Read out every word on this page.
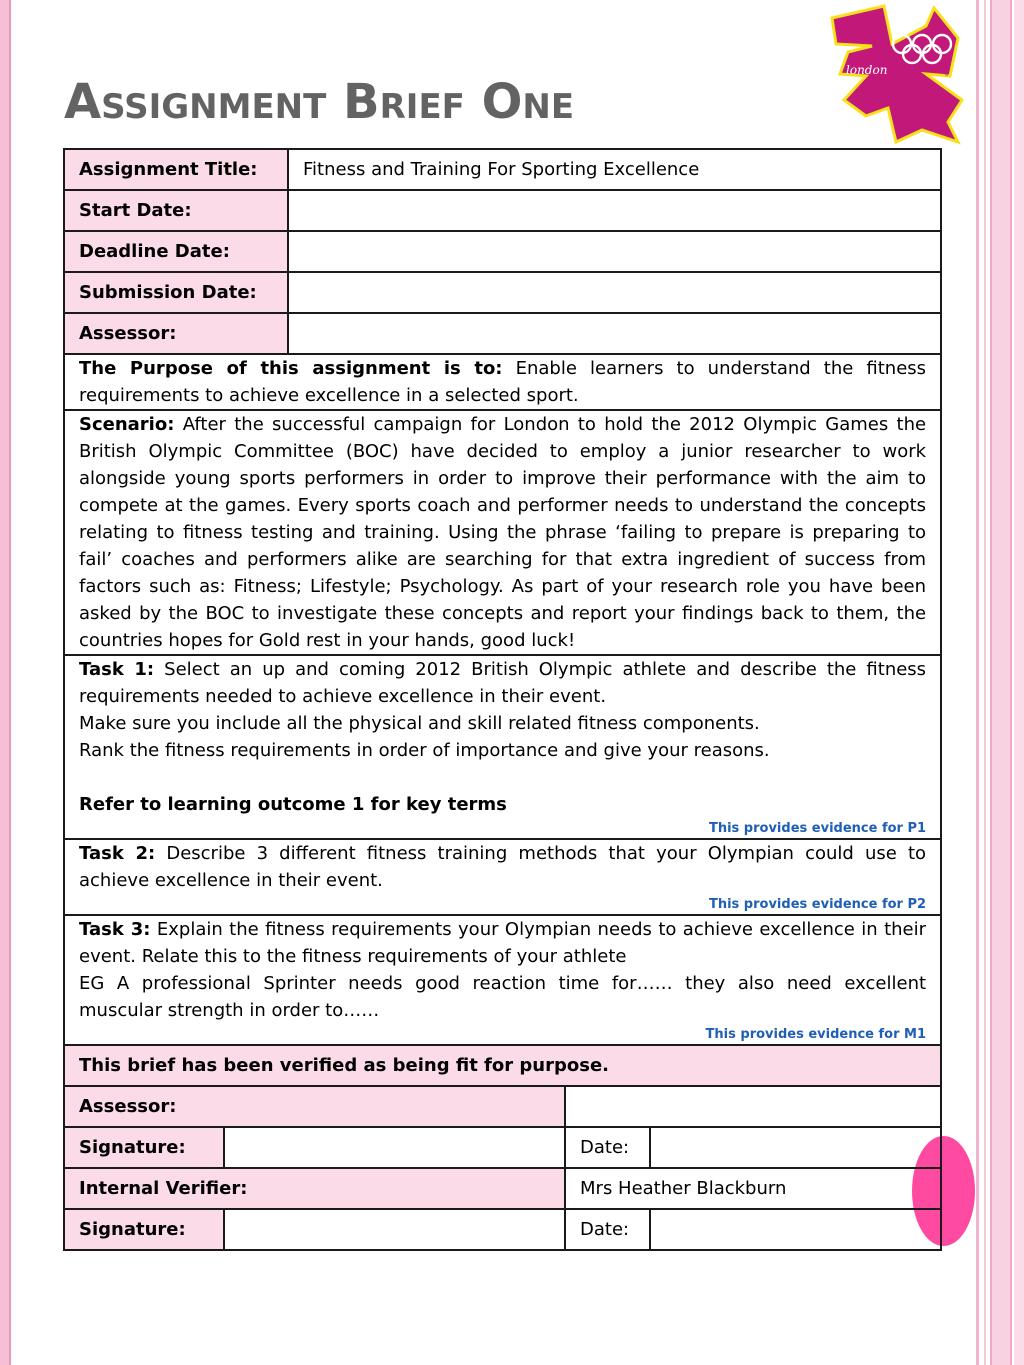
Assignment Brief One
london	™
Assignment Title:		Fitness and Training For Sporting Excellence		
Start Date:				
Deadline Date:				
Submission Date:				
Assessor:				
The Purpose of this assignment is to: Enable learners to understand the fitness requirements to achieve excellence in a selected sport.				
Scenario: After the successful campaign for London to hold the 2012 Olympic Games the British Olympic Committee (BOC) have decided to employ a junior researcher to work alongside young sports performers in order to improve their performance with the aim to compete at the games. Every sports coach and performer needs to understand the concepts relating to fitness testing and training. Using the phrase ‘failing to prepare is preparing to fail’ coaches and performers alike are searching for that extra ingredient of success from factors such as: Fitness; Lifestyle; Psychology. As part of your research role you have been asked by the BOC to investigate these concepts and report your findings back to them, the countries hopes for Gold rest in your hands, good luck!				

Task 1: Select an up and coming 2012 British Olympic athlete and describe the fitness requirements needed to achieve excellence in their event.
Make sure you include all the physical and skill related fitness components.
Rank the fitness requirements in order of importance and give your reasons.
Refer to learning outcome 1 for key terms
This provides evidence for P1				

Task 2: Describe 3 different fitness training methods that your Olympian could use to achieve excellence in their event.
This provides evidence for P2				

Task 3: Explain the fitness requirements your Olympian needs to achieve excellence in their event. Relate this to the fitness requirements of your athlete
EG A professional Sprinter needs good reaction time for…… they also need excellent muscular strength in order to……
This provides evidence for M1				

This brief has been verified as being fit for purpose.				
Assessor:				
Signature:			Date:	
Internal Verifier:			Mrs Heather Blackburn	
Signature:			Date:	
